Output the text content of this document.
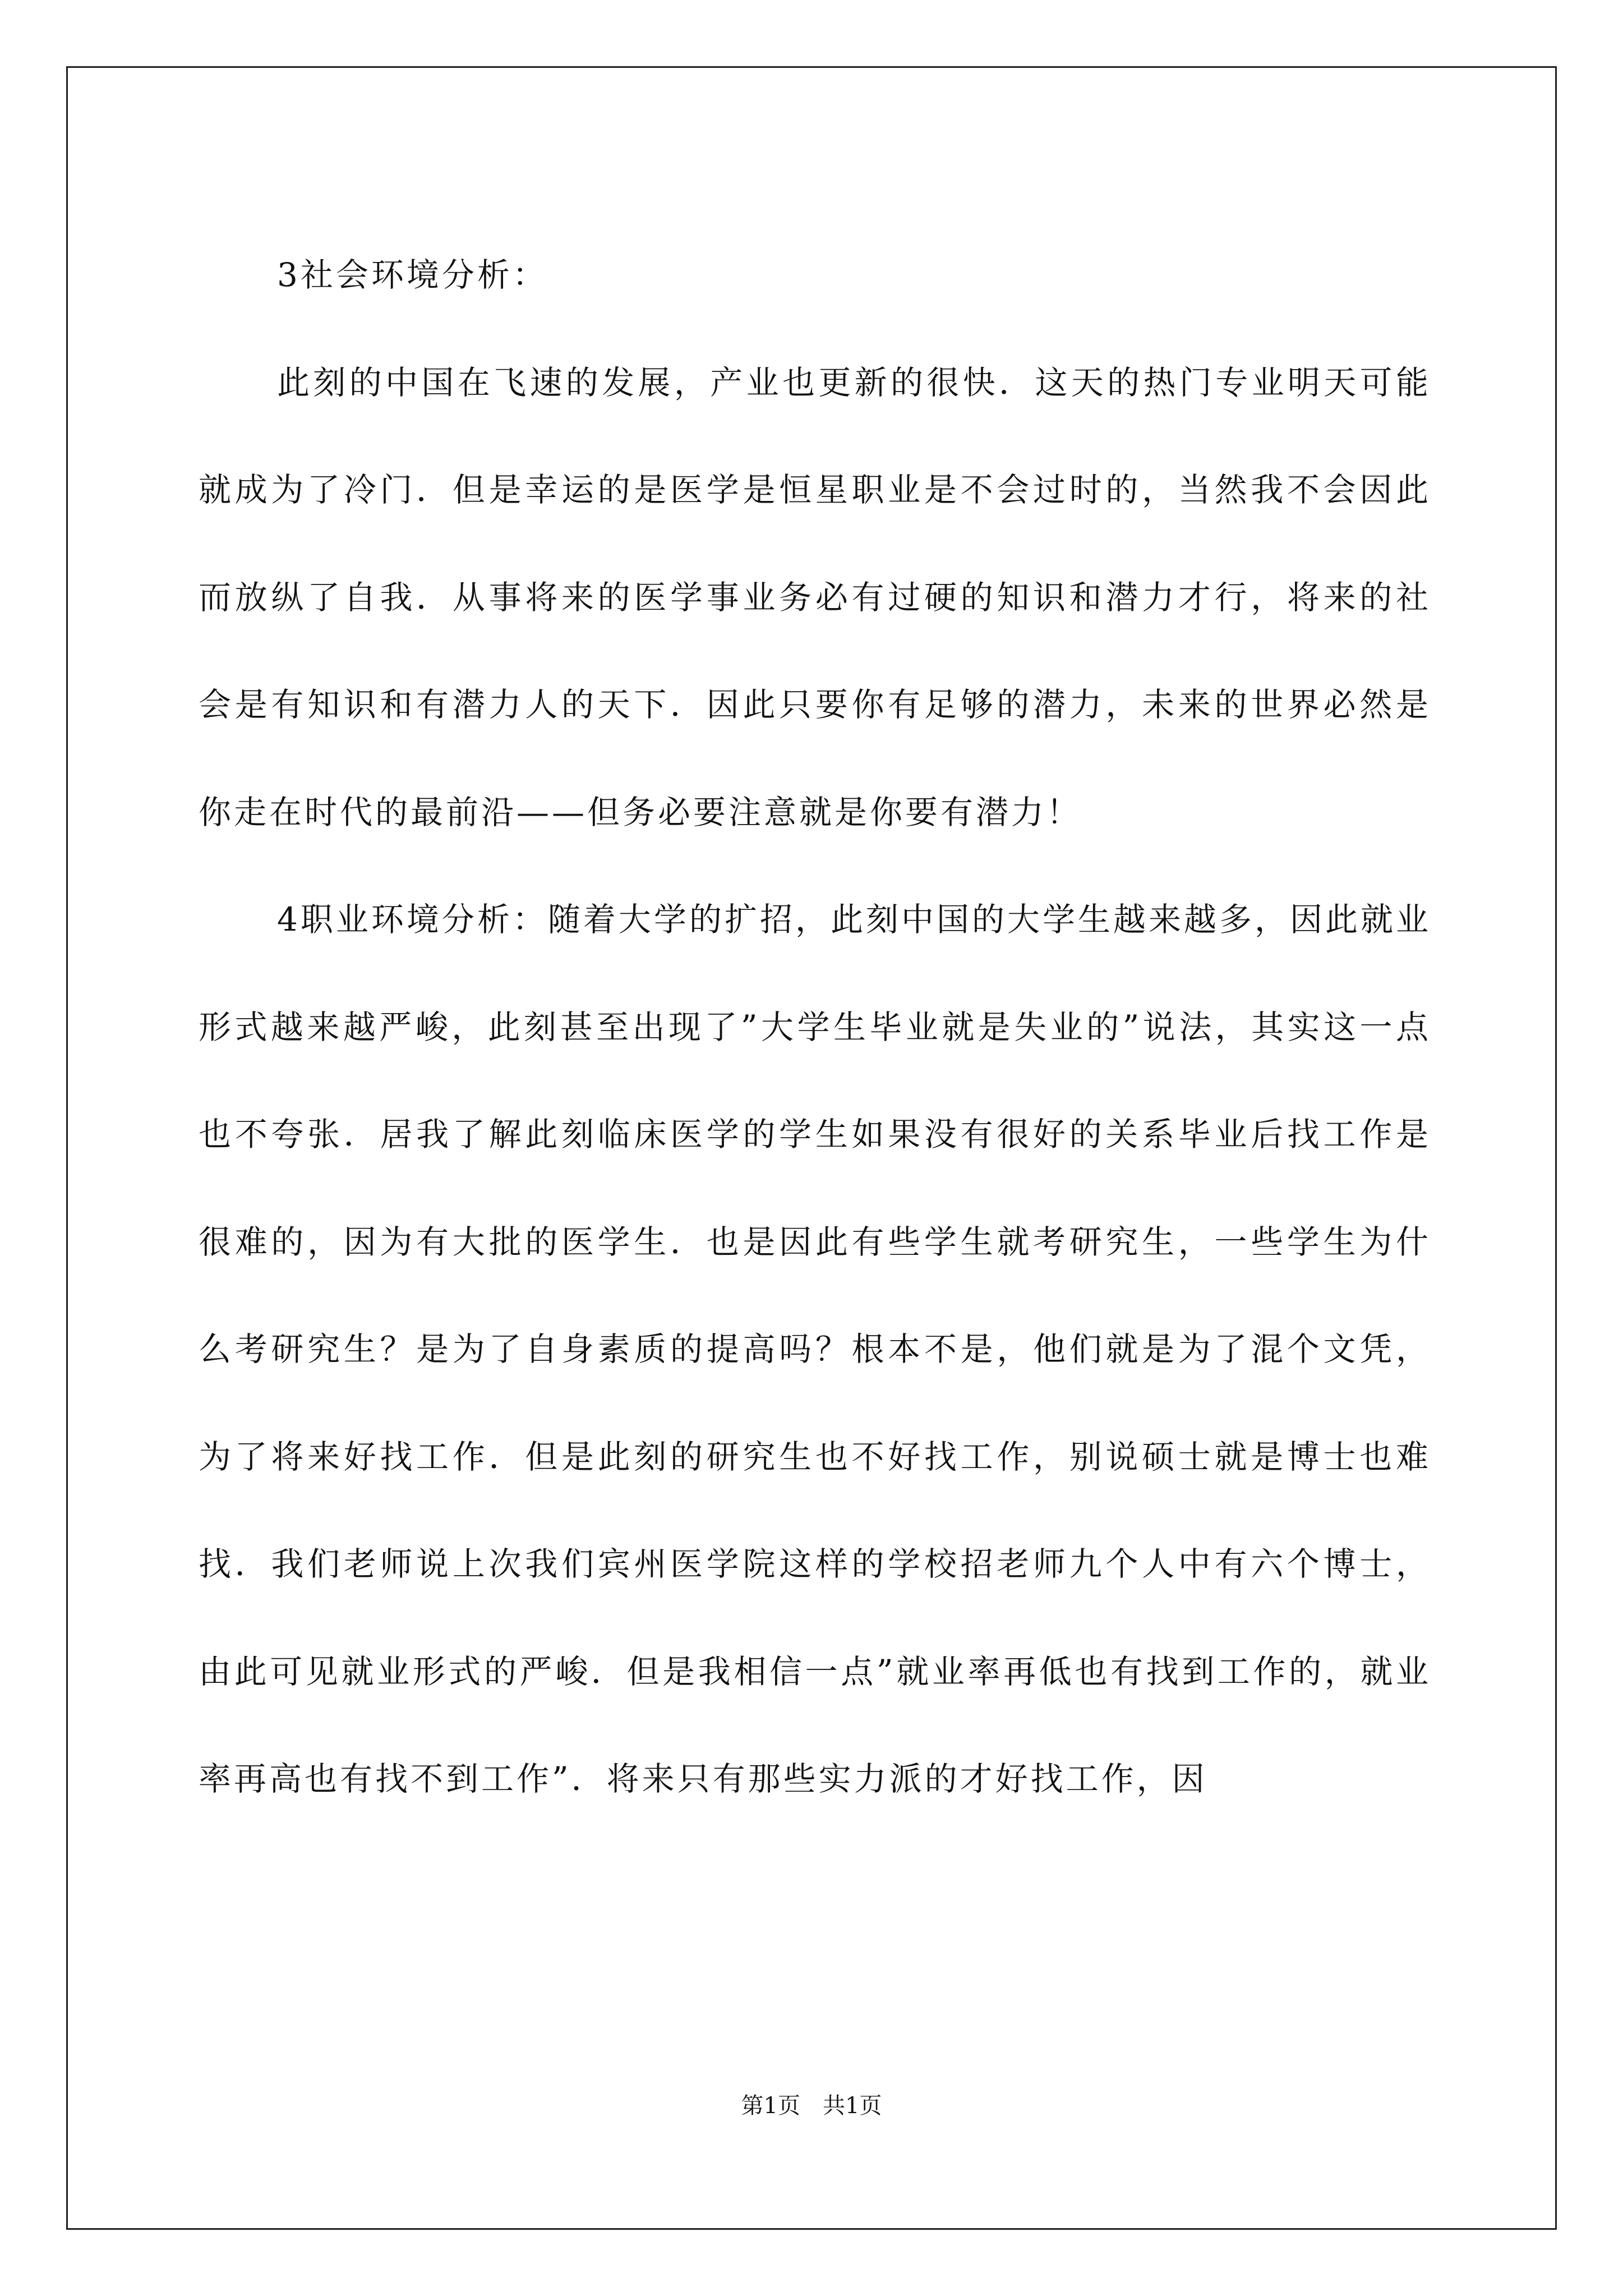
3社会环境分析：

此刻的中国在飞速的发展，产业也更新的很快．这天的热门专业明天可能就成为了冷门．但是幸运的是医学是恒星职业是不会过时的，当然我不会因此而放纵了自我．从事将来的医学事业务必有过硬的知识和潜力才行，将来的社会是有知识和有潜力人的天下．因此只要你有足够的潜力，未来的世界必然是你走在时代的最前沿——但务必要注意就是你要有潜力！

4职业环境分析：随着大学的扩招，此刻中国的大学生越来越多，因此就业形式越来越严峻，此刻甚至出现了”大学生毕业就是失业的”说法，其实这一点也不夸张．居我了解此刻临床医学的学生如果没有很好的关系毕业后找工作是很难的，因为有大批的医学生．也是因此有些学生就考研究生，一些学生为什么考研究生？是为了自身素质的提高吗？根本不是，他们就是为了混个文凭，为了将来好找工作．但是此刻的研究生也不好找工作，别说硕士就是博士也难找．我们老师说上次我们宾州医学院这样的学校招老师九个人中有六个博士，由此可见就业形式的严峻．但是我相信一点”就业率再低也有找到工作的，就业率再高也有找不到工作”．将来只有那些实力派的才好找工作，因

第1页　共1页
